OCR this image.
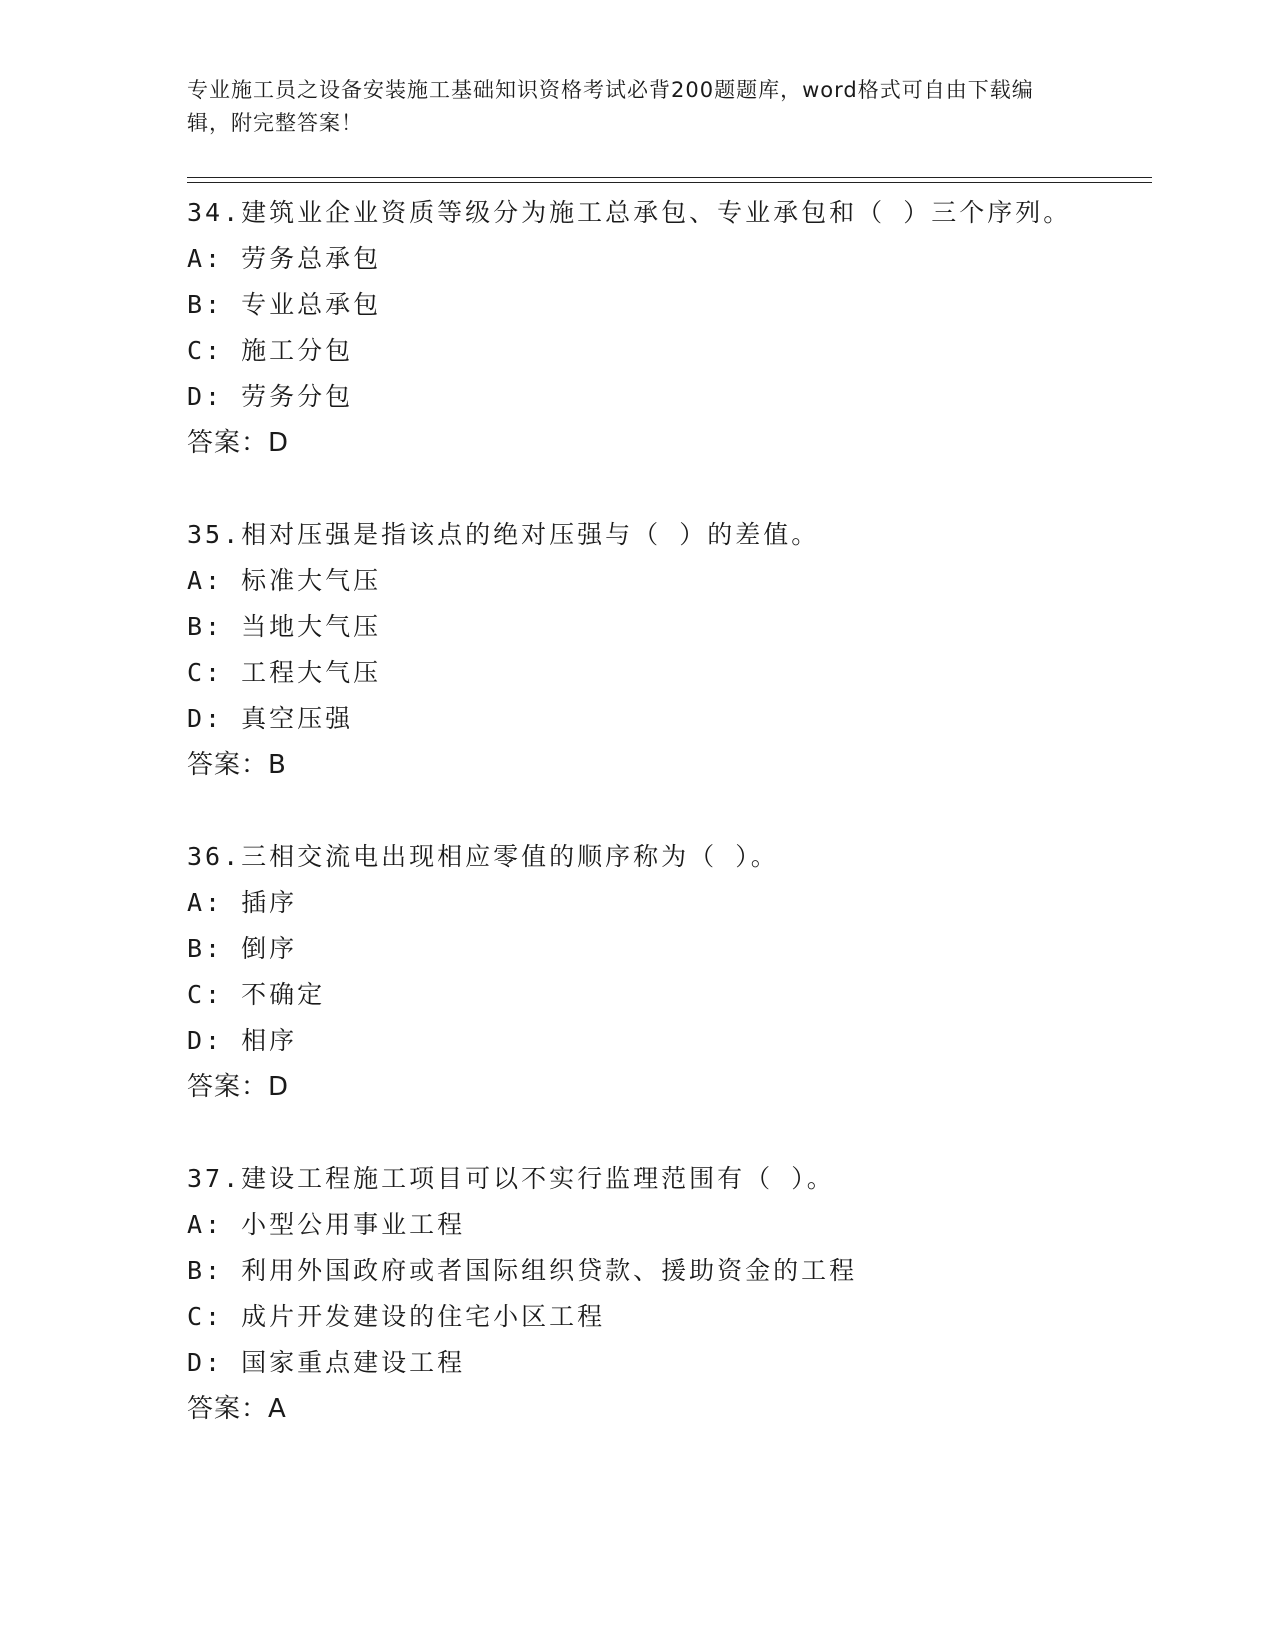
专业施工员之设备安装施工基础知识资格考试必背200题题库，word格式可自由下载编辑，附完整答案！
34.建筑业企业资质等级分为施工总承包、专业承包和（ ）三个序列。
A: 劳务总承包
B: 专业总承包
C: 施工分包
D: 劳务分包
答案：D
35.相对压强是指该点的绝对压强与（ ）的差值。
A: 标准大气压
B: 当地大气压
C: 工程大气压
D: 真空压强
答案：B
36.三相交流电出现相应零值的顺序称为（ ）。
A: 插序
B: 倒序
C: 不确定
D: 相序
答案：D
37.建设工程施工项目可以不实行监理范围有（ ）。
A: 小型公用事业工程
B: 利用外国政府或者国际组织贷款、援助资金的工程
C: 成片开发建设的住宅小区工程
D: 国家重点建设工程
答案：A
